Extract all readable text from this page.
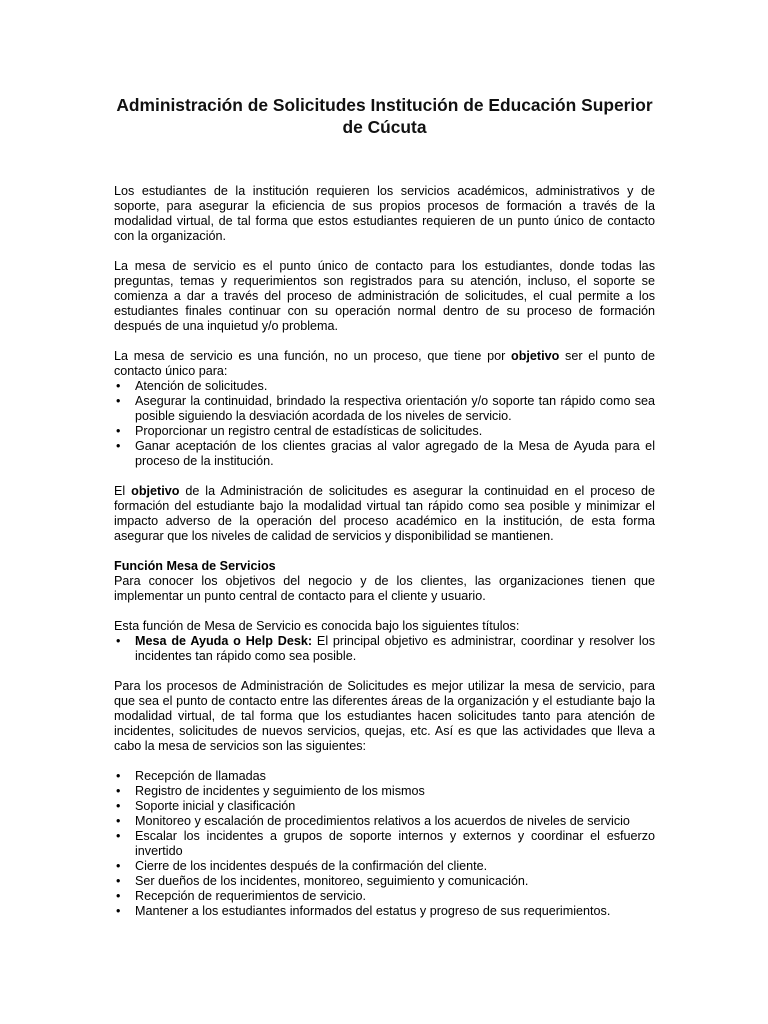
Administración de Solicitudes Institución de Educación Superior de Cúcuta

Los estudiantes de la institución requieren los servicios académicos, administrativos y de soporte, para asegurar la eficiencia de sus propios procesos de formación a través de la modalidad virtual, de tal forma que estos estudiantes requieren de un punto único de contacto con la organización.

La mesa de servicio es el punto único de contacto para los estudiantes, donde todas las preguntas, temas y requerimientos son registrados para su atención, incluso, el soporte se comienza a dar a través del proceso de administración de solicitudes, el cual permite a los estudiantes finales continuar con su operación normal dentro de su proceso de formación después de una inquietud y/o problema.

La mesa de servicio es una función, no un proceso, que tiene por objetivo ser el punto de contacto único para:

• Atención de solicitudes.
• Asegurar la continuidad, brindado la respectiva orientación y/o soporte tan rápido como sea posible siguiendo la desviación acordada de los niveles de servicio.
• Proporcionar un registro central de estadísticas de solicitudes.
• Ganar aceptación de los clientes gracias al valor agregado de la Mesa de Ayuda para el proceso de la institución.

El objetivo de la Administración de solicitudes es asegurar la continuidad en el proceso de formación del estudiante bajo la modalidad virtual tan rápido como sea posible y minimizar el impacto adverso de la operación del proceso académico en la institución, de esta forma asegurar que los niveles de calidad de servicios y disponibilidad se mantienen.

Función Mesa de Servicios

Para conocer los objetivos del negocio y de los clientes, las organizaciones tienen que implementar un punto central de contacto para el cliente y usuario.

Esta función de Mesa de Servicio es conocida bajo los siguientes títulos:

• Mesa de Ayuda o Help Desk: El principal objetivo es administrar, coordinar y resolver los incidentes tan rápido como sea posible.

Para los procesos de Administración de Solicitudes es mejor utilizar la mesa de servicio, para que sea el punto de contacto entre las diferentes áreas de la organización y el estudiante bajo la modalidad virtual, de tal forma que los estudiantes hacen solicitudes tanto para atención de incidentes, solicitudes de nuevos servicios, quejas, etc. Así es que las actividades que lleva a cabo la mesa de servicios son las siguientes:

• Recepción de llamadas
• Registro de incidentes y seguimiento de los mismos
• Soporte inicial y clasificación
• Monitoreo y escalación de procedimientos relativos a los acuerdos de niveles de servicio
• Escalar los incidentes a grupos de soporte internos y externos y coordinar el esfuerzo invertido
• Cierre de los incidentes después de la confirmación del cliente.
• Ser dueños de los incidentes, monitoreo, seguimiento y comunicación.
• Recepción de requerimientos de servicio.
• Mantener a los estudiantes informados del estatus y progreso de sus requerimientos.
